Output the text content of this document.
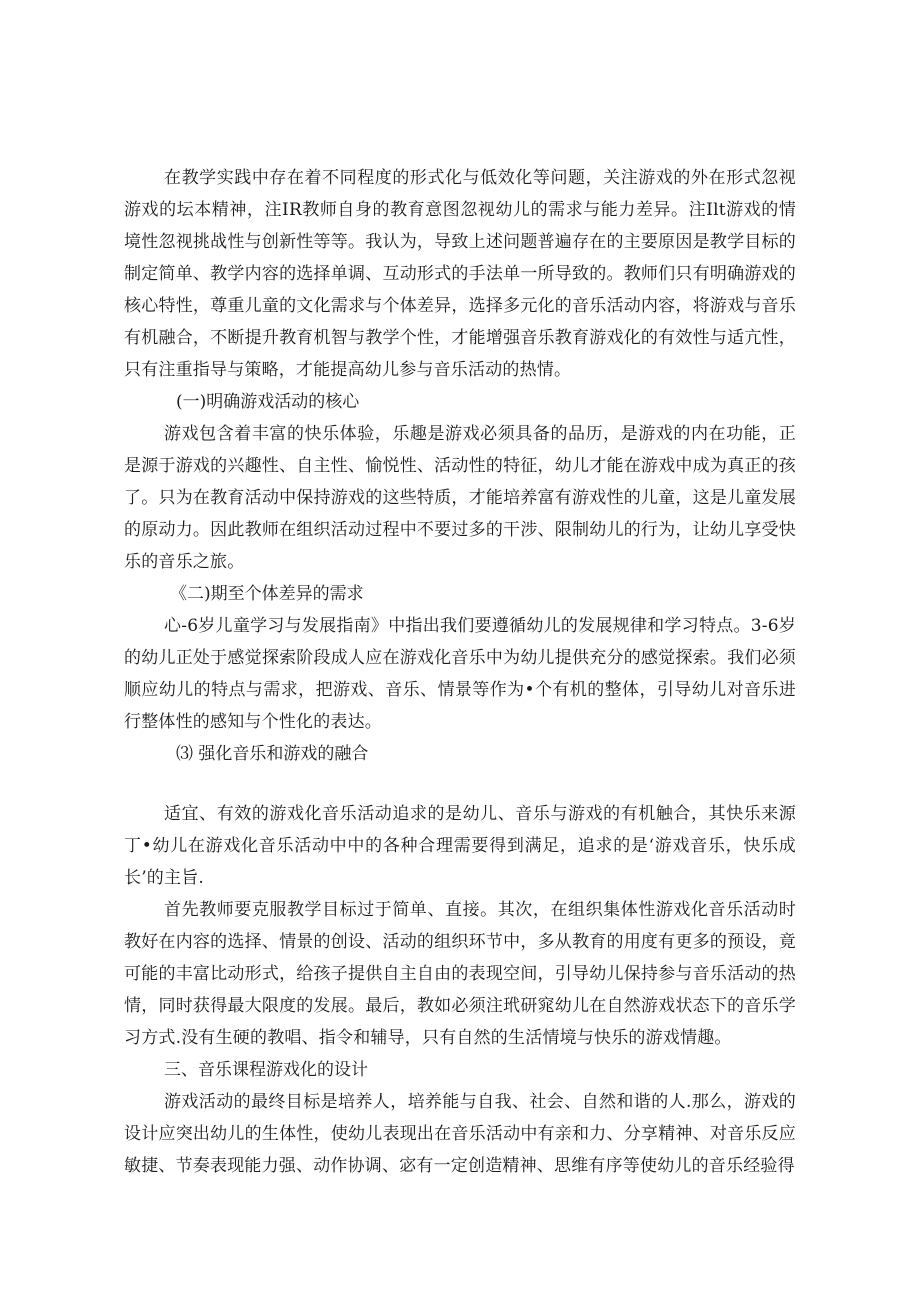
在教学实践中存在着不同程度的形式化与低效化等问题，关注游戏的外在形式忽视游戏的坛本精神，注IR教师自身的教育意图忽视幼儿的需求与能力差异。注Ilt游戏的情境性忽视挑战性与创新性等等。我认为，导致上述问题普遍存在的主要原因是教学目标的制定简单、教学内容的选择单调、互动形式的手法单一所导致的。教师们只有明确游戏的核心特性，尊重儿童的文化需求与个体差异，选择多元化的音乐活动内容，将游戏与音乐有机融合，不断提升教育机智与教学个性，才能增强音乐教育游戏化的有效性与适亢性，只有注重指导与策略，才能提高幼儿参与音乐活动的热情。

(一)明确游戏活动的核心

游戏包含着丰富的快乐体验，乐趣是游戏必须具备的品历，是游戏的内在功能，正是源于游戏的兴趣性、自主性、愉悦性、活动性的特征，幼儿才能在游戏中成为真正的孩了。只为在教育活动中保持游戏的这些特质，才能培养富有游戏性的儿童，这是儿童发展的原动力。因此教师在组织活动过程中不要过多的干涉、限制幼儿的行为，让幼儿享受快乐的音乐之旅。

《二)期至个体差异的需求

心-6岁儿童学习与发展指南》中指出我们要遵循幼儿的发展规律和学习特点。3-6岁的幼儿正处于感觉探索阶段成人应在游戏化音乐中为幼儿提供充分的感觉探索。我们必须顺应幼儿的特点与需求，把游戏、音乐、情景等作为•个有机的整体，引导幼儿对音乐进行整体性的感知与个性化的表达。

⑶ 强化音乐和游戏的融合

适宜、有效的游戏化音乐活动追求的是幼儿、音乐与游戏的有机触合，其快乐来源丁•幼儿在游戏化音乐活动中中的各种合理需要得到满足，追求的是‘游戏音乐，快乐成长’的主旨.

首先教师要克服教学目标过于简单、直接。其次，在组织集体性游戏化音乐活动时教好在内容的选择、情景的创设、活动的组织环节中，多从教育的用度有更多的预设，竟可能的丰富比动形式，给孩子提供自主自由的表现空间，引导幼儿保持参与音乐活动的热情，同时获得最大限度的发展。最后，教如必须注玳研窕幼儿在自然游戏状态下的音乐学习方式.没有生硬的教唱、指令和辅导，只有自然的生活情境与快乐的游戏情趣。

三、音乐课程游戏化的设计

游戏活动的最终目标是培养人，培养能与自我、社会、自然和谐的人.那么，游戏的设计应突出幼儿的生体性，使幼儿表现出在音乐活动中有亲和力、分享精神、对音乐反应敏捷、节奏表现能力强、动作协调、宓有一定创造精神、思维有序等使幼儿的音乐经验得
